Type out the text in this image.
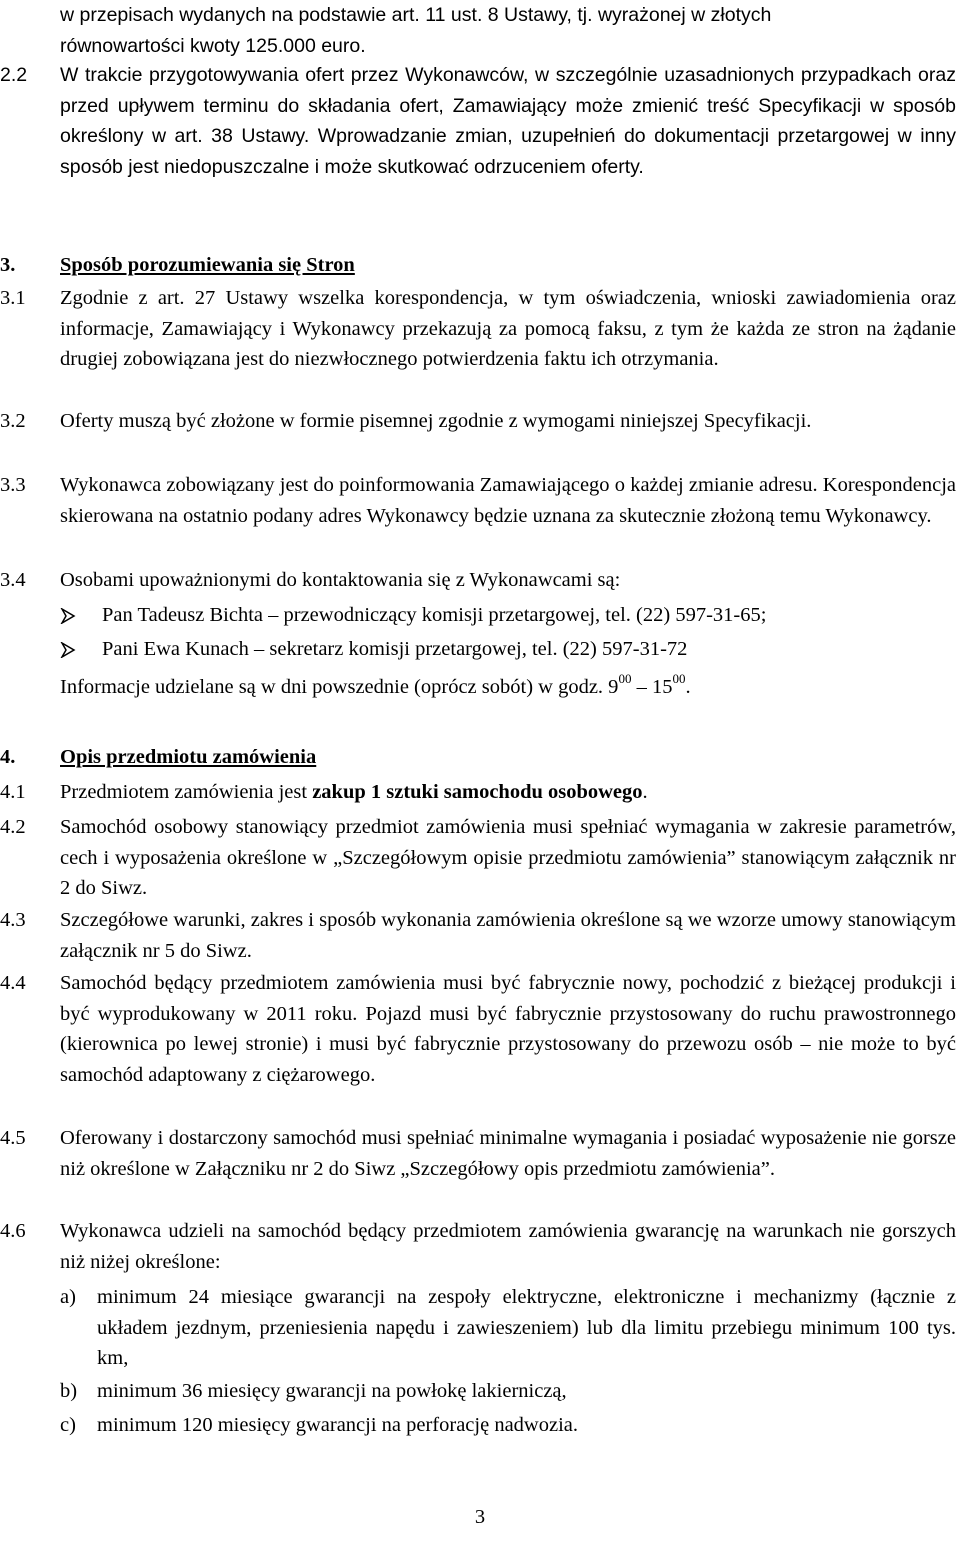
w przepisach wydanych na podstawie art. 11 ust. 8 Ustawy, tj. wyrażonej w złotych
równowartości kwoty 125.000 euro.
2.2	W trakcie przygotowywania ofert przez Wykonawców, w szczególnie uzasadnionych przypadkach oraz przed upływem terminu do składania ofert, Zamawiający może zmienić treść Specyfikacji w sposób określony w art. 38 Ustawy. Wprowadzanie zmian, uzupełnień do dokumentacji przetargowej w inny sposób jest niedopuszczalne i może skutkować odrzuceniem oferty.
3.	Sposób porozumiewania się Stron
3.1	Zgodnie z art. 27 Ustawy wszelka korespondencja, w tym oświadczenia, wnioski zawiadomienia oraz informacje, Zamawiający i Wykonawcy przekazują za pomocą faksu, z tym że każda ze stron na żądanie drugiej zobowiązana jest do niezwłocznego potwierdzenia faktu ich otrzymania.
3.2	Oferty muszą być złożone w formie pisemnej zgodnie z wymogami niniejszej Specyfikacji.
3.3	Wykonawca zobowiązany jest do poinformowania Zamawiającego o każdej zmianie adresu. Korespondencja skierowana na ostatnio podany adres Wykonawcy będzie uznana za skutecznie złożoną temu Wykonawcy.
3.4	Osobami upoważnionymi do kontaktowania się z Wykonawcami są:
Pan Tadeusz Bichta – przewodniczący komisji przetargowej, tel. (22) 597-31-65;
Pani Ewa Kunach – sekretarz komisji przetargowej, tel. (22) 597-31-72
Informacje udzielane są w dni powszednie (oprócz sobót) w godz. $9^{00} - 15^{00}$.
4.	Opis przedmiotu zamówienia
4.1	Przedmiotem zamówienia jest zakup 1 sztuki samochodu osobowego.
4.2	Samochód osobowy stanowiący przedmiot zamówienia musi spełniać wymagania w zakresie parametrów, cech i wyposażenia określone w „Szczegółowym opisie przedmiotu zamówienia” stanowiącym załącznik nr 2 do Siwz.
4.3	Szczegółowe warunki, zakres i sposób wykonania zamówienia określone są we wzorze umowy stanowiącym załącznik nr 5 do Siwz.
4.4	Samochód będący przedmiotem zamówienia musi być fabrycznie nowy, pochodzić z bieżącej produkcji i być wyprodukowany w 2011 roku. Pojazd musi być fabrycznie przystosowany do ruchu prawostronnego (kierownica po lewej stronie) i musi być fabrycznie przystosowany do przewozu osób – nie może to być samochód adaptowany z ciężarowego.
4.5	Oferowany i dostarczony samochód musi spełniać minimalne wymagania i posiadać wyposażenie nie gorsze niż określone w Załączniku nr 2 do Siwz „Szczegółowy opis przedmiotu zamówienia”.
4.6	Wykonawca udzieli na samochód będący przedmiotem zamówienia gwarancję na warunkach nie gorszych niż niżej określone:
a) minimum 24 miesiące gwarancji na zespoły elektryczne, elektroniczne i mechanizmy (łącznie z układem jezdnym, przeniesienia napędu i zawieszeniem) lub dla limitu przebiegu minimum 100 tys. km,
b) minimum 36 miesięcy gwarancji na powłokę lakierniczą,
c) minimum 120 miesięcy gwarancji na perforację nadwozia.
3
